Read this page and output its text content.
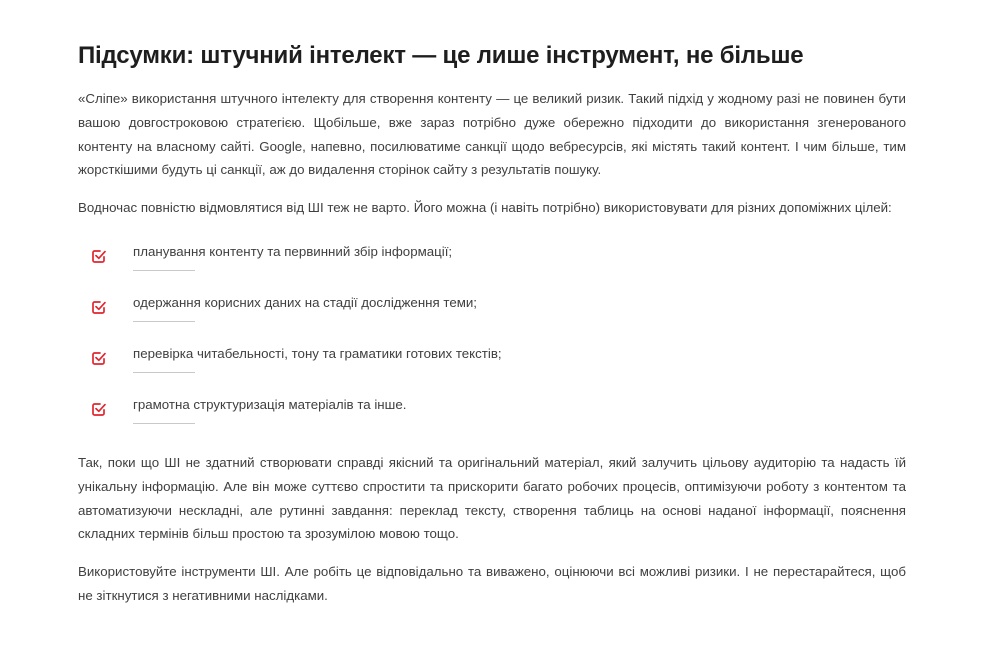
Підсумки: штучний інтелект — це лише інструмент, не більше

«Сліпе» використання штучного інтелекту для створення контенту — це великий ризик. Такий підхід у жодному разі не повинен бути вашою довгостроковою стратегією. Щобільше, вже зараз потрібно дуже обережно підходити до використання згенерованого контенту на власному сайті. Google, напевно, посилюватиме санкції щодо вебресурсів, які містять такий контент. І чим більше, тим жорсткішими будуть ці санкції, аж до видалення сторінок сайту з результатів пошуку.

Водночас повністю відмовлятися від ШІ теж не варто. Його можна (і навіть потрібно) використовувати для різних допоміжних цілей:

планування контенту та первинний збір інформації;
одержання корисних даних на стадії дослідження теми;
перевірка читабельності, тону та граматики готових текстів;
грамотна структуризація матеріалів та інше.

Так, поки що ШІ не здатний створювати справді якісний та оригінальний матеріал, який залучить цільову аудиторію та надасть їй унікальну інформацію. Але він може суттєво спростити та прискорити багато робочих процесів, оптимізуючи роботу з контентом та автоматизуючи нескладні, але рутинні завдання: переклад тексту, створення таблиць на основі наданої інформації, пояснення складних термінів більш простою та зрозумілою мовою тощо.

Використовуйте інструменти ШІ. Але робіть це відповідально та виважено, оцінюючи всі можливі ризики. І не перестарайтеся, щоб не зіткнутися з негативними наслідками.
